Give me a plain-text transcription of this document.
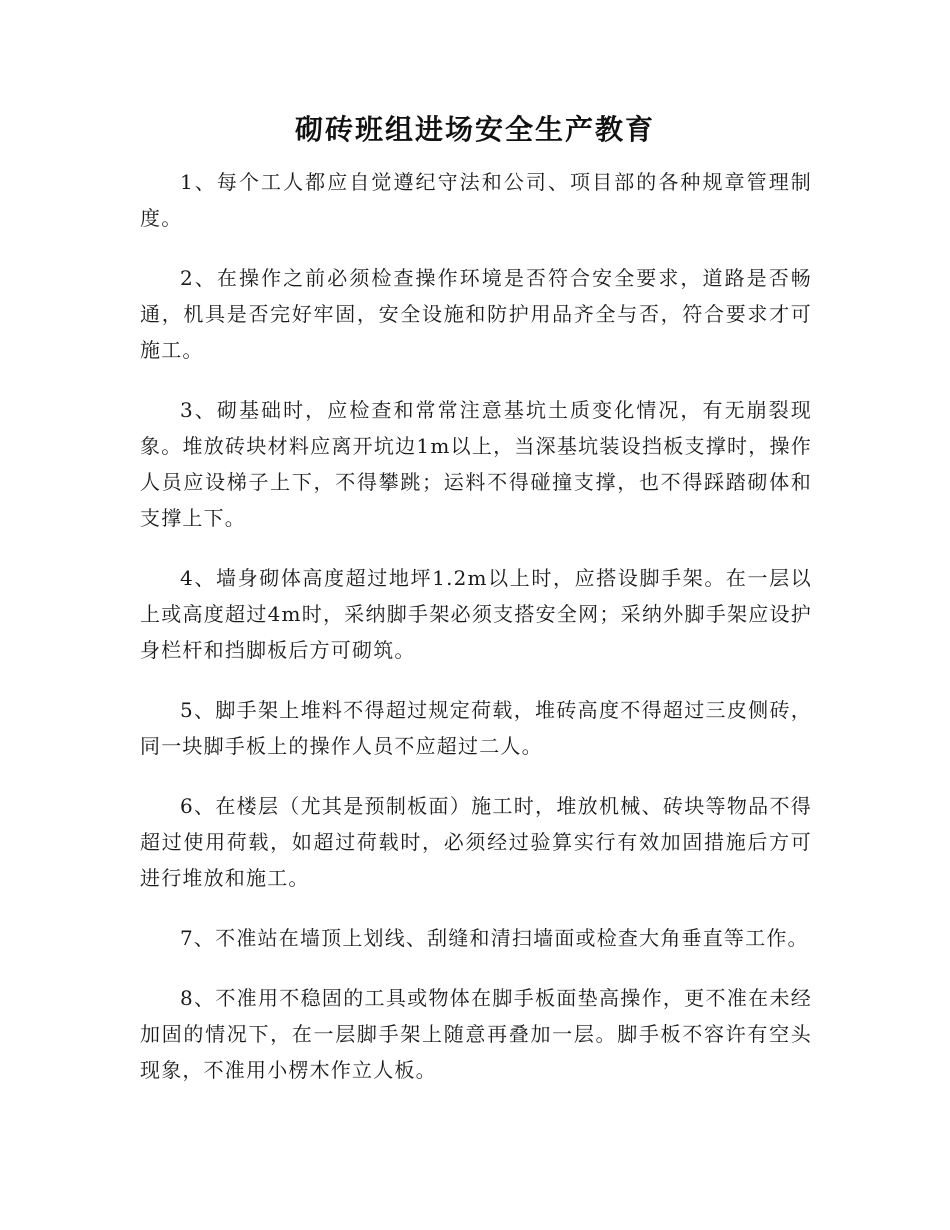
砌砖班组进场安全生产教育

1、每个工人都应自觉遵纪守法和公司、项目部的各种规章管理制度。

2、在操作之前必须检查操作环境是否符合安全要求，道路是否畅通，机具是否完好牢固，安全设施和防护用品齐全与否，符合要求才可施工。

3、砌基础时，应检查和常常注意基坑土质变化情况，有无崩裂现象。堆放砖块材料应离开坑边1m以上，当深基坑装设挡板支撑时，操作人员应设梯子上下，不得攀跳；运料不得碰撞支撑，也不得踩踏砌体和支撑上下。

4、墙身砌体高度超过地坪1.2m以上时，应搭设脚手架。在一层以上或高度超过4m时，采纳脚手架必须支搭安全网；采纳外脚手架应设护身栏杆和挡脚板后方可砌筑。

5、脚手架上堆料不得超过规定荷载，堆砖高度不得超过三皮侧砖，同一块脚手板上的操作人员不应超过二人。

6、在楼层（尤其是预制板面）施工时，堆放机械、砖块等物品不得超过使用荷载，如超过荷载时，必须经过验算实行有效加固措施后方可进行堆放和施工。

7、不准站在墙顶上划线、刮缝和清扫墙面或检查大角垂直等工作。

8、不准用不稳固的工具或物体在脚手板面垫高操作，更不准在未经加固的情况下，在一层脚手架上随意再叠加一层。脚手板不容许有空头现象，不准用小楞木作立人板。
